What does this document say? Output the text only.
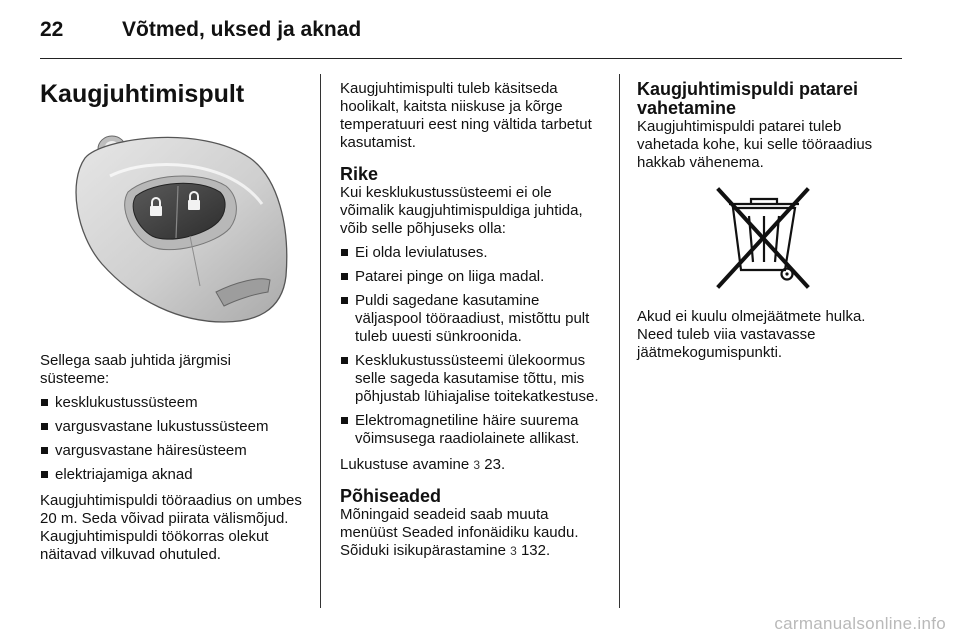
22	Võtmed, uksed ja aknad
Kaugjuhtimispult

Sellega saab juhtida järgmisi süsteeme:

kesklukustussüsteem
vargusvastane lukustussüsteem
vargusvastane häiresüsteem
elektriajamiga aknad

Kaugjuhtimispuldi tööraadius on umbes 20 m. Seda võivad piirata välismõjud. Kaugjuhtimispuldi töökorras olekut näitavad vilkuvad ohutuled.

Kaugjuhtimispulti tuleb käsitseda hoolikalt, kaitsta niiskuse ja kõrge temperatuuri eest ning vältida tarbetut kasutamist.

Rike

Kui kesklukustussüsteemi ei ole võimalik kaugjuhtimispuldiga juhtida, võib selle põhjuseks olla:

Ei olda leviulatuses.
Patarei pinge on liiga madal.
Puldi sagedane kasutamine väljaspool tööraadiust, mistõttu pult tuleb uuesti sünkroonida.
Kesklukustussüsteemi ülekoormus selle sageda kasutamise tõttu, mis põhjustab lühiajalise toitekatkestuse.
Elektromagnetiline häire suurema võimsusega raadiolainete allikast.

Lukustuse avamine 3 23.

Põhiseaded

Mõningaid seadeid saab muuta menüüst Seaded infonäidiku kaudu. Sõiduki isikupärastamine 3 132.

Kaugjuhtimispuldi patarei vahetamine

Kaugjuhtimispuldi patarei tuleb vahetada kohe, kui selle tööraadius hakkab vähenema.

Akud ei kuulu olmejäätmete hulka. Need tuleb viia vastavasse jäätmekogumispunkti.

carmanualsonline.info
